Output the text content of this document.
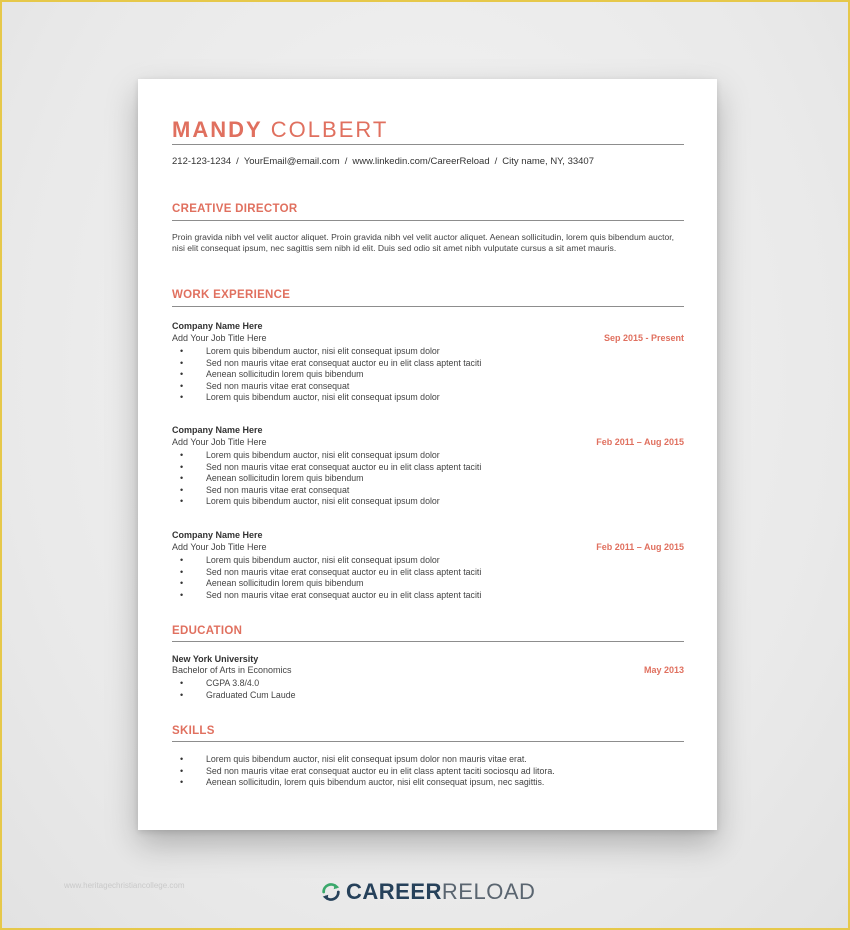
www.heritagechristiancollege.com
MANDY COLBERT
212-123-1234 / YourEmail@email.com / www.linkedin.com/CareerReload / City name, NY, 33407
CREATIVE DIRECTOR
Proin gravida nibh vel velit auctor aliquet. Proin gravida nibh vel velit auctor aliquet. Aenean sollicitudin, lorem quis bibendum auctor, nisi elit consequat ipsum, nec sagittis sem nibh id elit. Duis sed odio sit amet nibh vulputate cursus a sit amet mauris.
WORK EXPERIENCE
Company Name Here
Add Your Job Title Here	Sep 2015 - Present
• Lorem quis bibendum auctor, nisi elit consequat ipsum dolor
• Sed non mauris vitae erat consequat auctor eu in elit class aptent taciti
• Aenean sollicitudin lorem quis bibendum
• Sed non mauris vitae erat consequat
• Lorem quis bibendum auctor, nisi elit consequat ipsum dolor
Company Name Here
Add Your Job Title Here	Feb 2011 – Aug 2015
• Lorem quis bibendum auctor, nisi elit consequat ipsum dolor
• Sed non mauris vitae erat consequat auctor eu in elit class aptent taciti
• Aenean sollicitudin lorem quis bibendum
• Sed non mauris vitae erat consequat
• Lorem quis bibendum auctor, nisi elit consequat ipsum dolor
Company Name Here
Add Your Job Title Here	Feb 2011 – Aug 2015
• Lorem quis bibendum auctor, nisi elit consequat ipsum dolor
• Sed non mauris vitae erat consequat auctor eu in elit class aptent taciti
• Aenean sollicitudin lorem quis bibendum
• Sed non mauris vitae erat consequat auctor eu in elit class aptent taciti
EDUCATION
New York University
Bachelor of Arts in Economics	May 2013
• CGPA 3.8/4.0
• Graduated Cum Laude
SKILLS
• Lorem quis bibendum auctor, nisi elit consequat ipsum dolor non mauris vitae erat.
• Sed non mauris vitae erat consequat auctor eu in elit class aptent taciti sociosqu ad litora.
• Aenean sollicitudin, lorem quis bibendum auctor, nisi elit consequat ipsum, nec sagittis.
CAREER RELOAD
